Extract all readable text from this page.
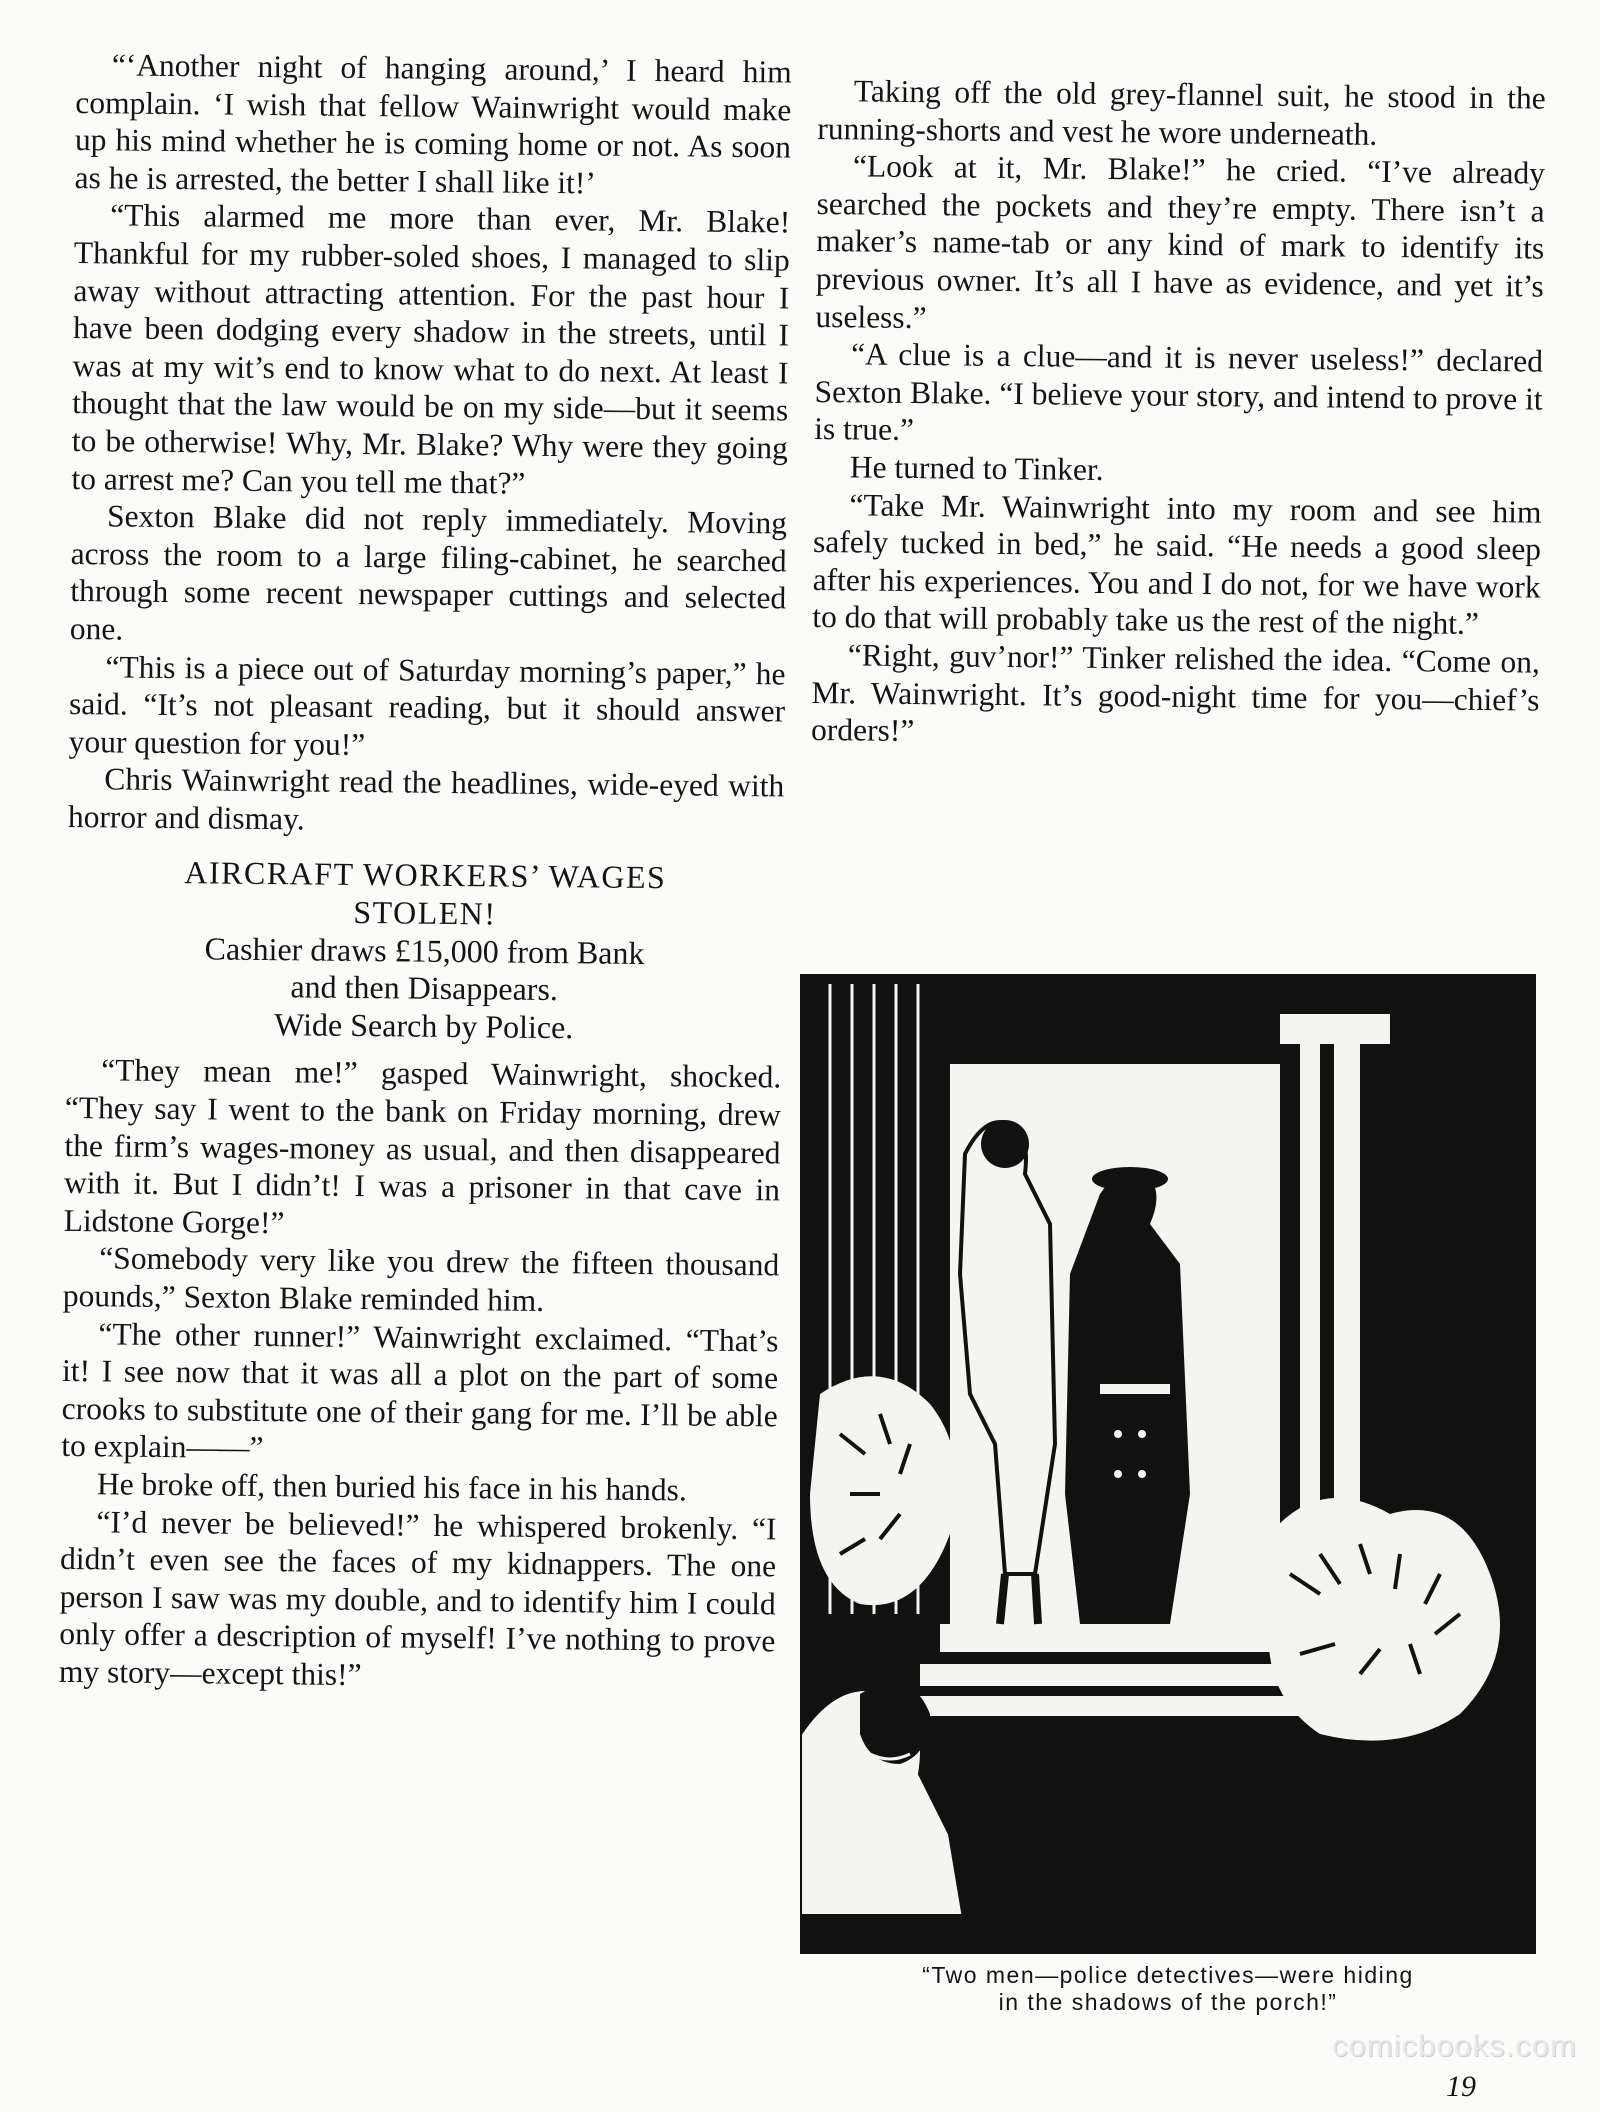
“‘Another night of hanging around,’ I heard him complain. ‘I wish that fellow Wainwright would make up his mind whether he is coming home or not. As soon as he is arrested, the better I shall like it!’

“This alarmed me more than ever, Mr. Blake! Thankful for my rubber-soled shoes, I managed to slip away without attracting attention. For the past hour I have been dodging every shadow in the streets, until I was at my wit’s end to know what to do next. At least I thought that the law would be on my side—but it seems to be otherwise! Why, Mr. Blake? Why were they going to arrest me? Can you tell me that?”

Sexton Blake did not reply immediately. Moving across the room to a large filing-cabinet, he searched through some recent newspaper cuttings and selected one.

“This is a piece out of Saturday morning’s paper,” he said. “It’s not pleasant reading, but it should answer your question for you!”

Chris Wainwright read the headlines, wide-eyed with horror and dismay.

AIRCRAFT WORKERS’ WAGES
STOLEN!
Cashier draws £15,000 from Bank
and then Disappears.
Wide Search by Police.

“They mean me!” gasped Wainwright, shocked. “They say I went to the bank on Friday morning, drew the firm’s wages-money as usual, and then disappeared with it. But I didn’t! I was a prisoner in that cave in Lidstone Gorge!”

“Somebody very like you drew the fifteen thousand pounds,” Sexton Blake reminded him.

“The other runner!” Wainwright exclaimed. “That’s it! I see now that it was all a plot on the part of some crooks to substitute one of their gang for me. I’ll be able to explain——”

He broke off, then buried his face in his hands.

“I’d never be believed!” he whispered brokenly. “I didn’t even see the faces of my kidnappers. The one person I saw was my double, and to identify him I could only offer a description of myself! I’ve nothing to prove my story—except this!”

Taking off the old grey-flannel suit, he stood in the running-shorts and vest he wore underneath.

“Look at it, Mr. Blake!” he cried. “I’ve already searched the pockets and they’re empty. There isn’t a maker’s name-tab or any kind of mark to identify its previous owner. It’s all I have as evidence, and yet it’s useless.”

“A clue is a clue—and it is never useless!” declared Sexton Blake. “I believe your story, and intend to prove it is true.”

He turned to Tinker.

“Take Mr. Wainwright into my room and see him safely tucked in bed,” he said. “He needs a good sleep after his experiences. You and I do not, for we have work to do that will probably take us the rest of the night.”

“Right, guv’nor!” Tinker relished the idea. “Come on, Mr. Wainwright. It’s good-night time for you—chief’s orders!”

“Two men—police detectives—were hiding
in the shadows of the porch!”
comicbooks.com
19
